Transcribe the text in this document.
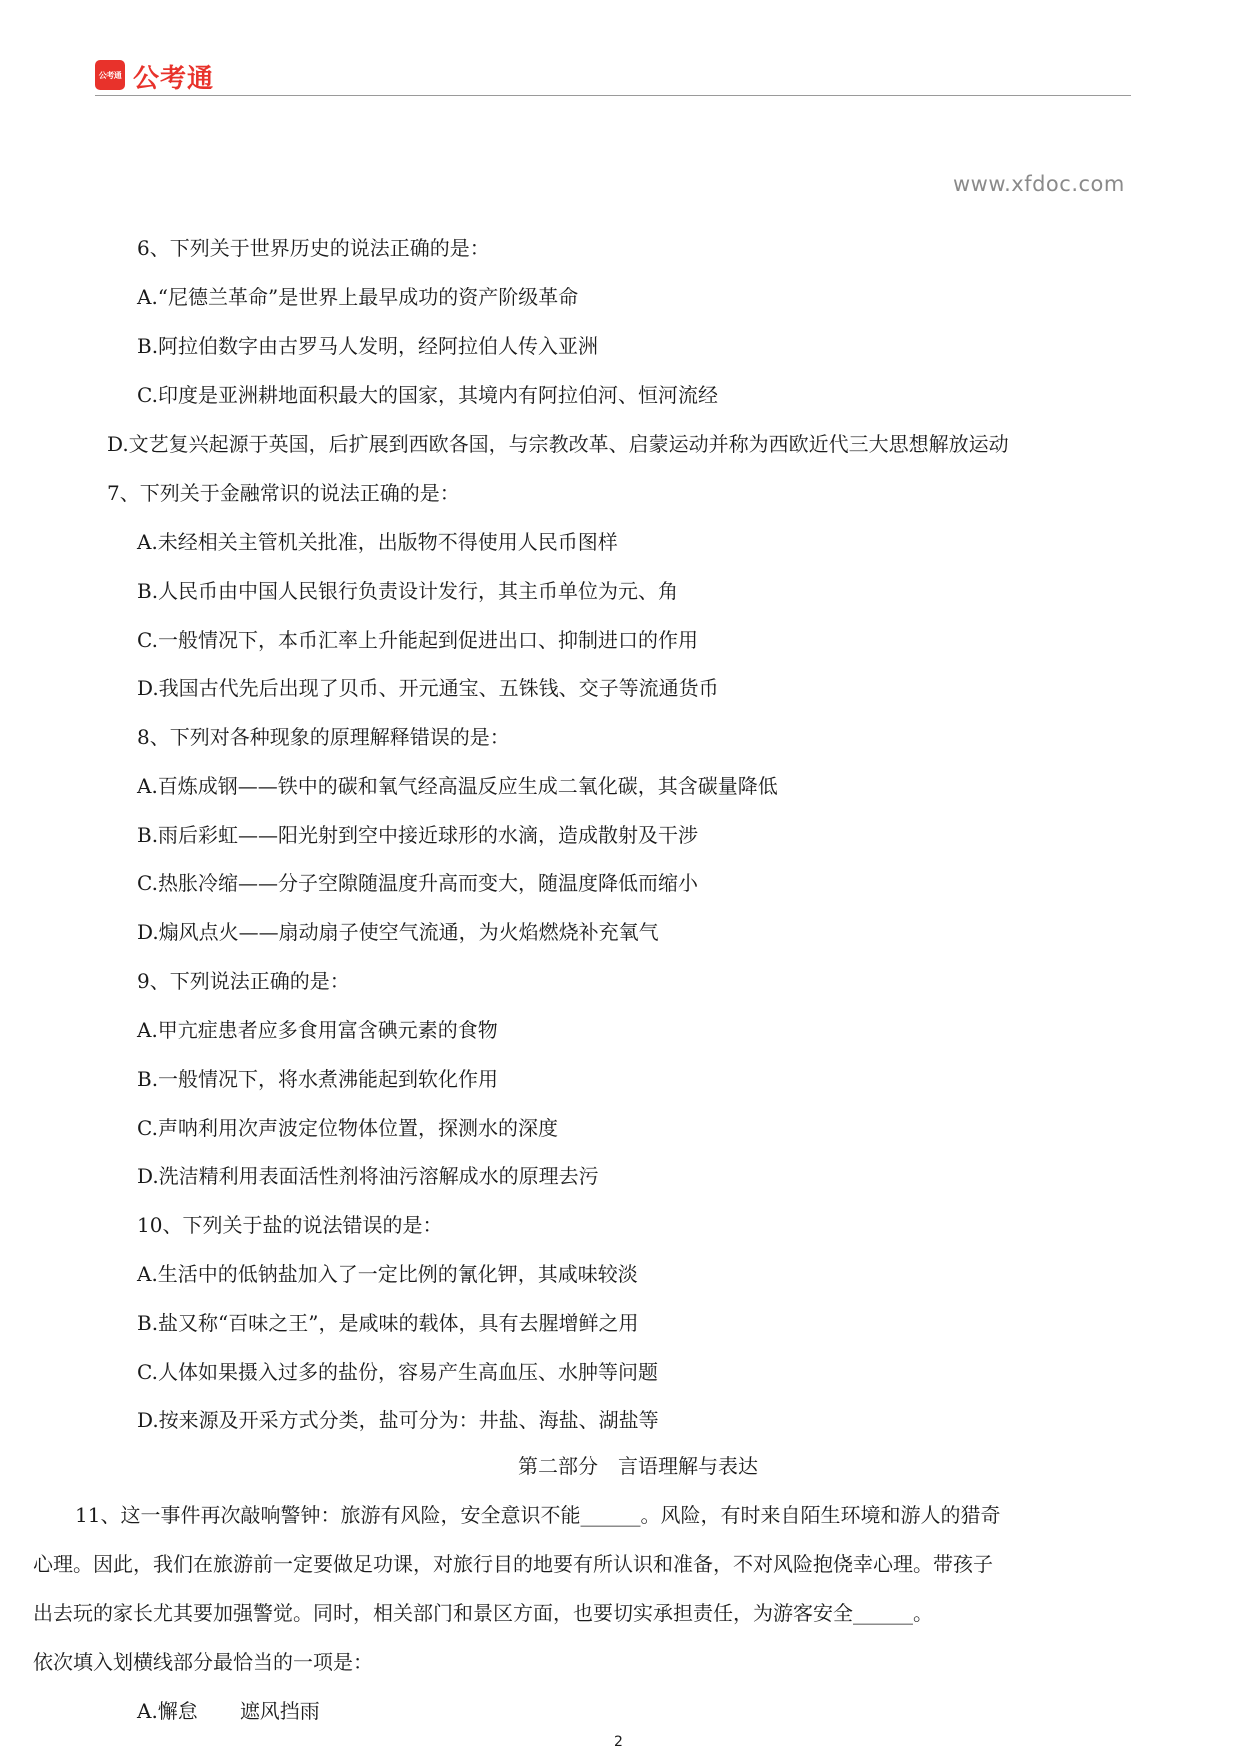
公考通 公考通
www.xfdoc.com
6、下列关于世界历史的说法正确的是：
A.“尼德兰革命”是世界上最早成功的资产阶级革命
B.阿拉伯数字由古罗马人发明，经阿拉伯人传入亚洲
C.印度是亚洲耕地面积最大的国家，其境内有阿拉伯河、恒河流经
D.文艺复兴起源于英国，后扩展到西欧各国，与宗教改革、启蒙运动并称为西欧近代三大思想解放运动
7、下列关于金融常识的说法正确的是：
A.未经相关主管机关批准，出版物不得使用人民币图样
B.人民币由中国人民银行负责设计发行，其主币单位为元、角
C.一般情况下，本币汇率上升能起到促进出口、抑制进口的作用
D.我国古代先后出现了贝币、开元通宝、五铢钱、交子等流通货币
8、下列对各种现象的原理解释错误的是：
A.百炼成钢——铁中的碳和氧气经高温反应生成二氧化碳，其含碳量降低
B.雨后彩虹——阳光射到空中接近球形的水滴，造成散射及干涉
C.热胀冷缩——分子空隙随温度升高而变大，随温度降低而缩小
D.煽风点火——扇动扇子使空气流通，为火焰燃烧补充氧气
9、下列说法正确的是：
A.甲亢症患者应多食用富含碘元素的食物
B.一般情况下，将水煮沸能起到软化作用
C.声呐利用次声波定位物体位置，探测水的深度
D.洗洁精利用表面活性剂将油污溶解成水的原理去污
10、下列关于盐的说法错误的是：
A.生活中的低钠盐加入了一定比例的氰化钾，其咸味较淡
B.盐又称“百味之王”，是咸味的载体，具有去腥增鲜之用
C.人体如果摄入过多的盐份，容易产生高血压、水肿等问题
D.按来源及开采方式分类，盐可分为：井盐、海盐、湖盐等
第二部分　言语理解与表达
11、这一事件再次敲响警钟：旅游有风险，安全意识不能______。风险，有时来自陌生环境和游人的猎奇
心理。因此，我们在旅游前一定要做足功课，对旅行目的地要有所认识和准备，不对风险抱侥幸心理。带孩子
出去玩的家长尤其要加强警觉。同时，相关部门和景区方面，也要切实承担责任，为游客安全______。
依次填入划横线部分最恰当的一项是：
A.懈怠 遮风挡雨
2
